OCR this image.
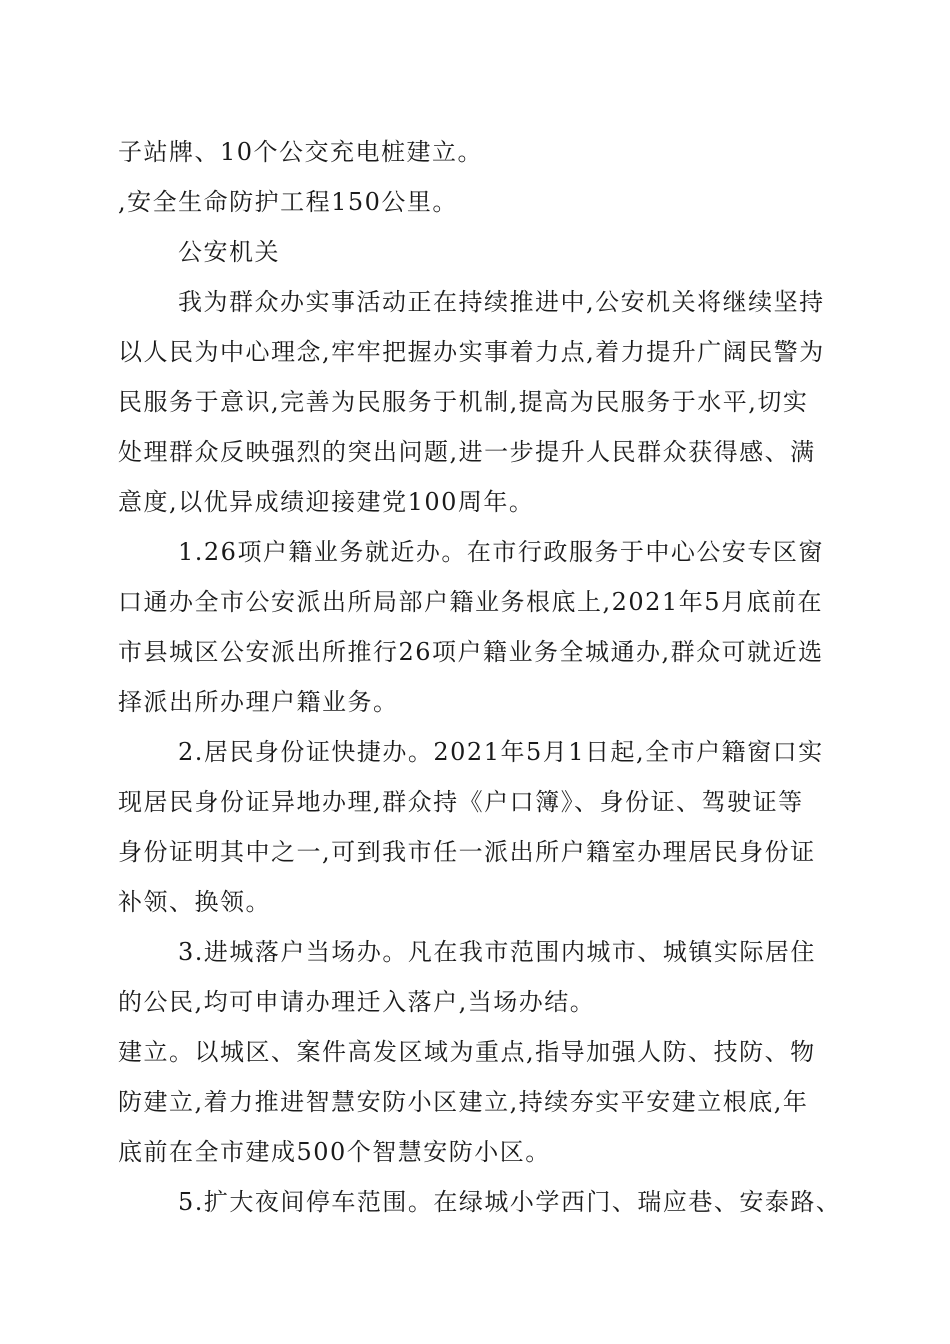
子站牌、10个公交充电桩建立。
,安全生命防护工程150公里。
公安机关
我为群众办实事活动正在持续推进中,公安机关将继续坚持
以人民为中心理念,牢牢把握办实事着力点,着力提升广阔民警为
民服务于意识,完善为民服务于机制,提高为民服务于水平,切实
处理群众反映强烈的突出问题,进一步提升人民群众获得感、满
意度,以优异成绩迎接建党100周年。
1.26项户籍业务就近办。在市行政服务于中心公安专区窗
口通办全市公安派出所局部户籍业务根底上,2021年5月底前在
市县城区公安派出所推行26项户籍业务全城通办,群众可就近选
择派出所办理户籍业务。
2.居民身份证快捷办。2021年5月1日起,全市户籍窗口实
现居民身份证异地办理,群众持《户口簿》、身份证、驾驶证等
身份证明其中之一,可到我市任一派出所户籍室办理居民身份证
补领、换领。
3.进城落户当场办。凡在我市范围内城市、城镇实际居住
的公民,均可申请办理迁入落户,当场办结。
建立。以城区、案件高发区域为重点,指导加强人防、技防、物
防建立,着力推进智慧安防小区建立,持续夯实平安建立根底,年
底前在全市建成500个智慧安防小区。
5.扩大夜间停车范围。在绿城小学西门、瑞应巷、安泰路、
